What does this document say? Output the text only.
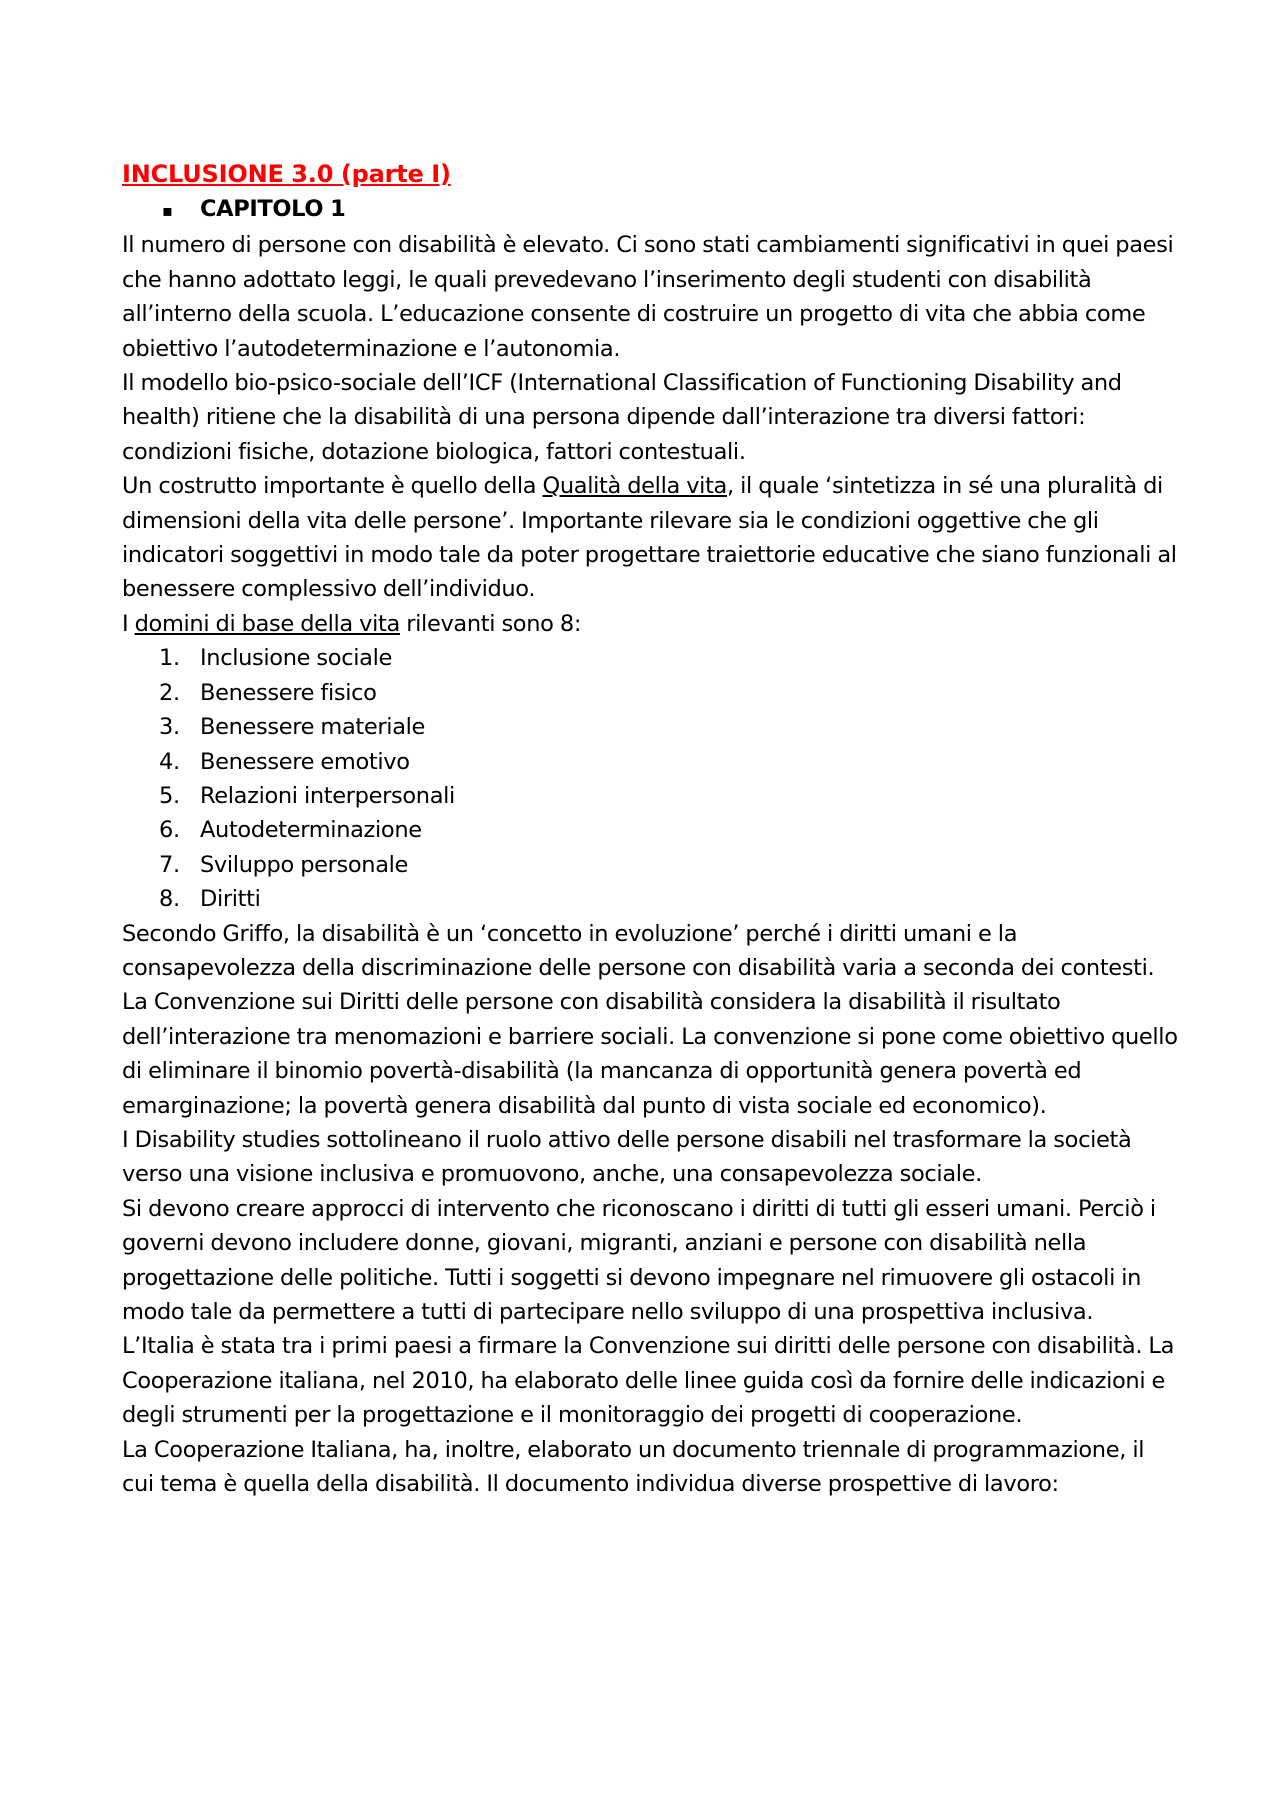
INCLUSIONE 3.0 (parte I)
▪	CAPITOLO 1

Il numero di persone con disabilità è elevato. Ci sono stati cambiamenti significativi in quei paesi che hanno adottato leggi, le quali prevedevano l’inserimento degli studenti con disabilità all’interno della scuola. L’educazione consente di costruire un progetto di vita che abbia come obiettivo l’autodeterminazione e l’autonomia.

Il modello bio-psico-sociale dell’ICF (International Classification of Functioning Disability and health) ritiene che la disabilità di una persona dipende dall’interazione tra diversi fattori: condizioni fisiche, dotazione biologica, fattori contestuali.

Un costrutto importante è quello della Qualità della vita, il quale ‘sintetizza in sé una pluralità di dimensioni della vita delle persone’. Importante rilevare sia le condizioni oggettive che gli indicatori soggettivi in modo tale da poter progettare traiettorie educative che siano funzionali al benessere complessivo dell’individuo.

I domini di base della vita rilevanti sono 8:

1. Inclusione sociale
2. Benessere fisico
3. Benessere materiale
4. Benessere emotivo
5. Relazioni interpersonali
6. Autodeterminazione
7. Sviluppo personale
8. Diritti

Secondo Griffo, la disabilità è un ‘concetto in evoluzione’ perché i diritti umani e la consapevolezza della discriminazione delle persone con disabilità varia a seconda dei contesti.

La Convenzione sui Diritti delle persone con disabilità considera la disabilità il risultato dell’interazione tra menomazioni e barriere sociali. La convenzione si pone come obiettivo quello di eliminare il binomio povertà-disabilità (la mancanza di opportunità genera povertà ed emarginazione; la povertà genera disabilità dal punto di vista sociale ed economico).

I Disability studies sottolineano il ruolo attivo delle persone disabili nel trasformare la società verso una visione inclusiva e promuovono, anche, una consapevolezza sociale.

Si devono creare approcci di intervento che riconoscano i diritti di tutti gli esseri umani. Perciò i governi devono includere donne, giovani, migranti, anziani e persone con disabilità nella progettazione delle politiche. Tutti i soggetti si devono impegnare nel rimuovere gli ostacoli in modo tale da permettere a tutti di partecipare nello sviluppo di una prospettiva inclusiva.

L’Italia è stata tra i primi paesi a firmare la Convenzione sui diritti delle persone con disabilità. La Cooperazione italiana, nel 2010, ha elaborato delle linee guida così da fornire delle indicazioni e degli strumenti per la progettazione e il monitoraggio dei progetti di cooperazione.

La Cooperazione Italiana, ha, inoltre, elaborato un documento triennale di programmazione, il cui tema è quella della disabilità. Il documento individua diverse prospettive di lavoro:
